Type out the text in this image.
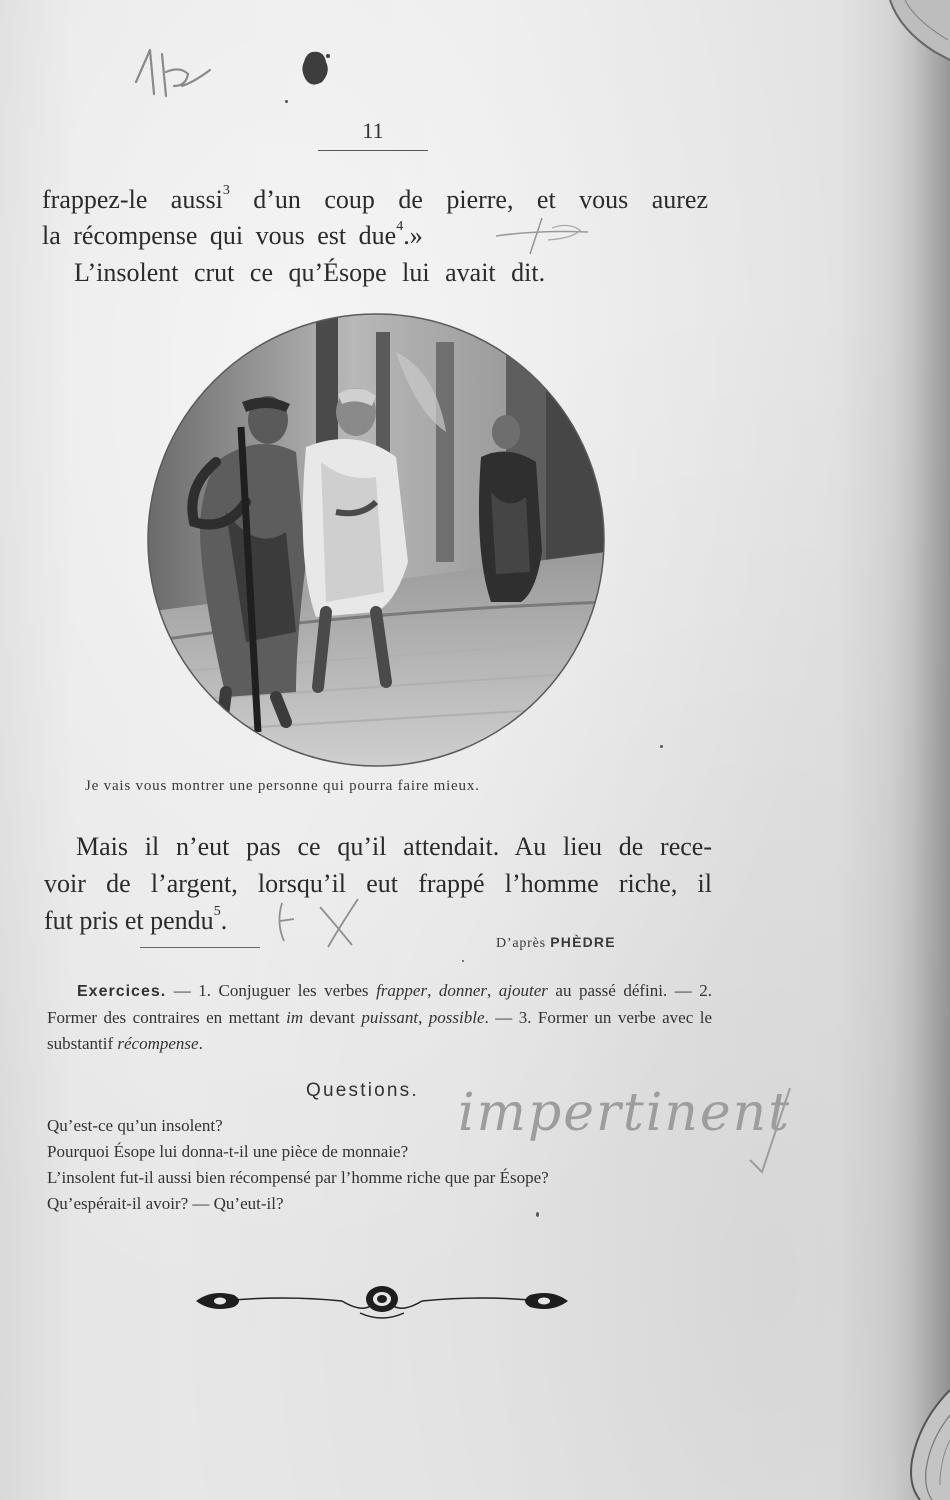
14
11
frappez-le aussi$^3$ d’un coup de pierre, et vous aurez
la récompense qui vous est due$^4$.»
L’insolent crut ce qu’Ésope lui avait dit.
Je vais vous montrer une personne qui pourra faire mieux.
Mais il n’eut pas ce qu’il attendait. Au lieu de rece-
voir de l’argent, lorsqu’il eut frappé l’homme riche, il
fut pris et pendu$^5$.
D’après PHÈDRE
Exercices. — 1. Conjuguer les verbes frapper, donner, ajouter au passé défini. — 2. Former des contraires en mettant im devant puissant, possible. — 3. Former un verbe avec le substantif récompense.
Questions.

Qu’est-ce qu’un insolent?

Pourquoi Ésope lui donna-t-il une pièce de monnaie?

L’insolent fut-il aussi bien récompensé par l’homme riche que par Ésope?

Qu’espérait-il avoir? — Qu’eut-il?

impertinent
